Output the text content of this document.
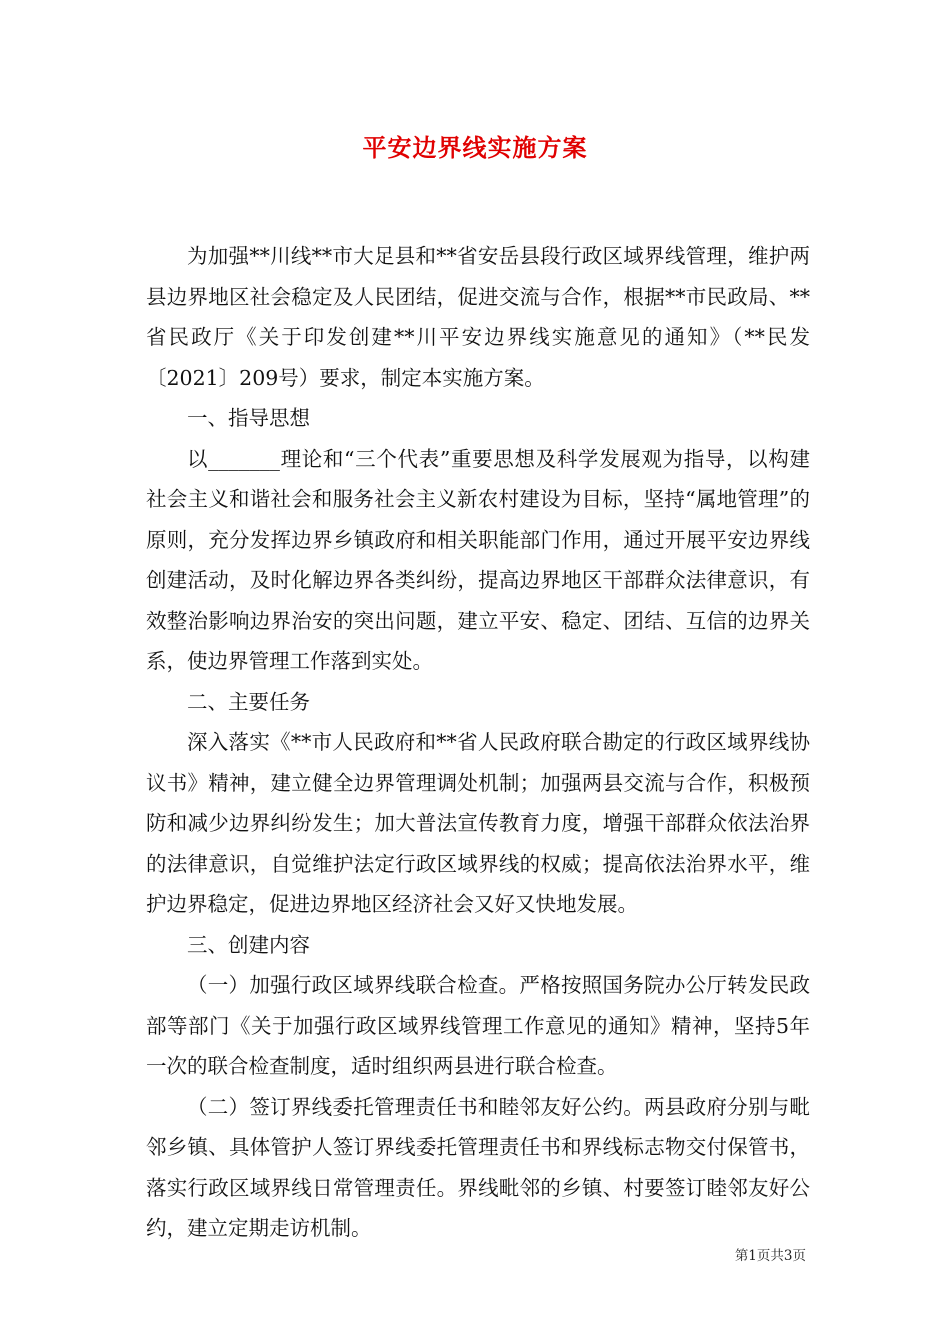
平安边界线实施方案

为加强**川线**市大足县和**省安岳县段行政区域界线管理，维护两县边界地区社会稳定及人民团结，促进交流与合作，根据**市民政局、**省民政厅《关于印发创建**川平安边界线实施意见的通知》（**民发〔2021〕209号）要求，制定本实施方案。

一、指导思想

以_______理论和“三个代表”重要思想及科学发展观为指导，以构建社会主义和谐社会和服务社会主义新农村建设为目标，坚持“属地管理”的原则，充分发挥边界乡镇政府和相关职能部门作用，通过开展平安边界线创建活动，及时化解边界各类纠纷，提高边界地区干部群众法律意识，有效整治影响边界治安的突出问题，建立平安、稳定、团结、互信的边界关系，使边界管理工作落到实处。

二、主要任务

深入落实《**市人民政府和**省人民政府联合勘定的行政区域界线协议书》精神，建立健全边界管理调处机制；加强两县交流与合作，积极预防和减少边界纠纷发生；加大普法宣传教育力度，增强干部群众依法治界的法律意识，自觉维护法定行政区域界线的权威；提高依法治界水平，维护边界稳定，促进边界地区经济社会又好又快地发展。

三、创建内容

（一）加强行政区域界线联合检查。严格按照国务院办公厅转发民政部等部门《关于加强行政区域界线管理工作意见的通知》精神，坚持5年一次的联合检查制度，适时组织两县进行联合检查。

（二）签订界线委托管理责任书和睦邻友好公约。两县政府分别与毗邻乡镇、具体管护人签订界线委托管理责任书和界线标志物交付保管书，落实行政区域界线日常管理责任。界线毗邻的乡镇、村要签订睦邻友好公约，建立定期走访机制。

第1页共3页
